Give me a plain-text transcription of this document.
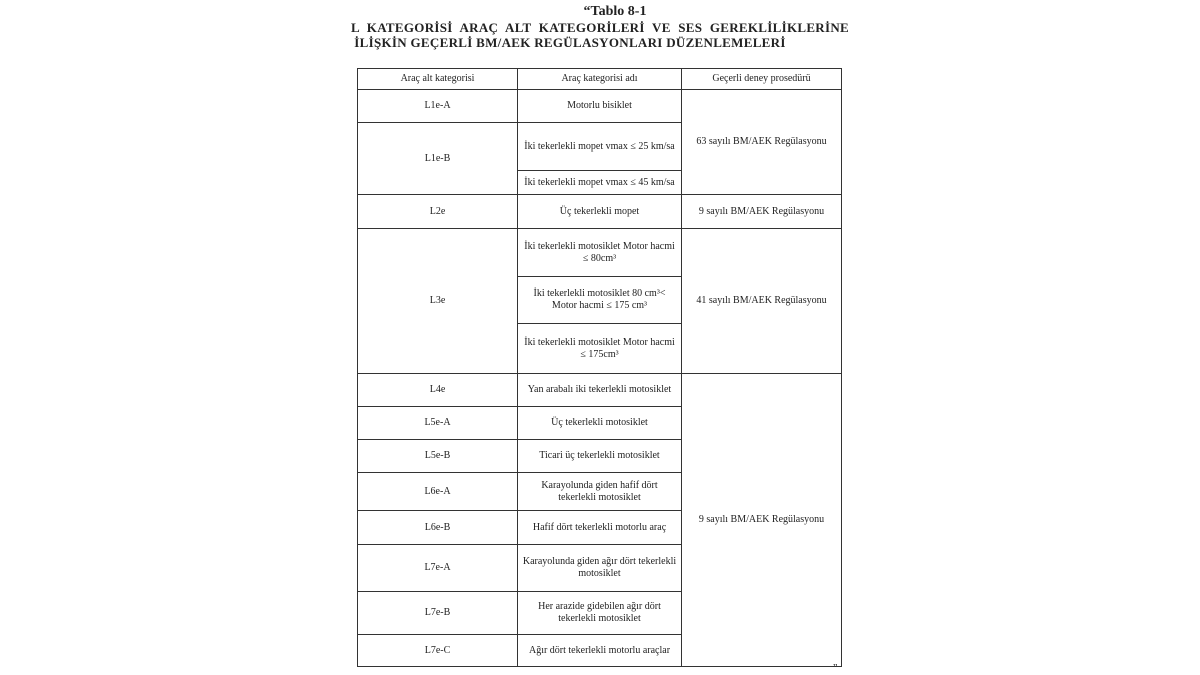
“Tablo 8-1
L KATEGORİSİ ARAÇ ALT KATEGORİLERİ VE SES GEREKLİLİKLERİNE
İLİŞKİN GEÇERLİ BM/AEK REGÜLASYONLARI DÜZENLEMELERİ
Araç alt kategorisi	Araç kategorisi adı	Geçerli deney prosedürü
L1e-A	Motorlu bisiklet	63 sayılı BM/AEK Regülasyonu
L1e-B	İki tekerlekli mopet vmax ≤ 25 km/sa	
	İki tekerlekli mopet vmax ≤ 45 km/sa	
L2e	Üç tekerlekli mopet	9 sayılı BM/AEK Regülasyonu
L3e	İki tekerlekli motosiklet Motor hacmi ≤ 80cm³	41 sayılı BM/AEK Regülasyonu
	İki tekerlekli motosiklet 80 cm³< Motor hacmi ≤ 175 cm³	
	İki tekerlekli motosiklet Motor hacmi ≤ 175cm³	
L4e	Yan arabalı iki tekerlekli motosiklet	9 sayılı BM/AEK Regülasyonu
L5e-A	Üç tekerlekli motosiklet	
L5e-B	Ticari üç tekerlekli motosiklet	
L6e-A	Karayolunda giden hafif dört tekerlekli motosiklet	
L6e-B	Hafif dört tekerlekli motorlu araç	
L7e-A	Karayolunda giden ağır dört tekerlekli motosiklet	
L7e-B	Her arazide gidebilen ağır dört tekerlekli motosiklet	
L7e-C	Ağır dört tekerlekli motorlu araçlar	
”
